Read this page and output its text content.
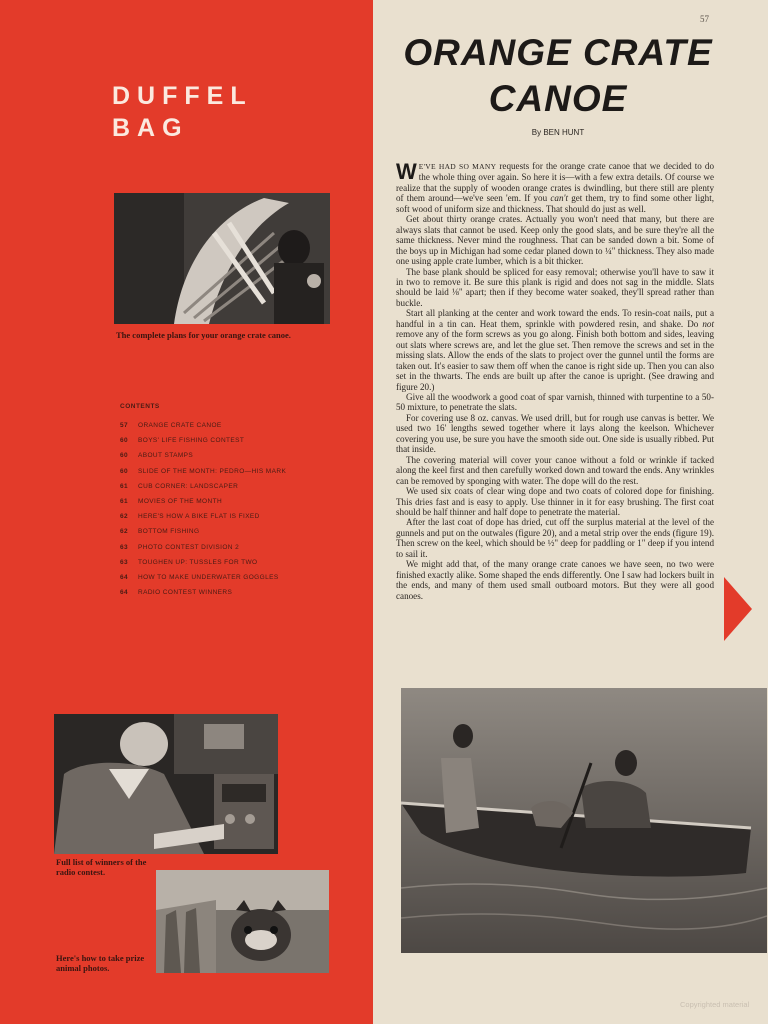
DUFFEL
BAG
The complete plans for your orange crate canoe.
CONTENTS
57 ORANGE CRATE CANOE
60 BOYS' LIFE FISHING CONTEST
60 ABOUT STAMPS
60 SLIDE OF THE MONTH: PEDRO—HIS MARK
61 CUB CORNER: LANDSCAPER
61 MOVIES OF THE MONTH
62 HERE'S HOW A BIKE FLAT IS FIXED
62 BOTTOM FISHING
63 PHOTO CONTEST DIVISION 2
63 TOUGHEN UP: TUSSLES FOR TWO
64 HOW TO MAKE UNDERWATER GOGGLES
64 RADIO CONTEST WINNERS
Full list of winners of the radio contest.
Here's how to take prize animal photos.
57
ORANGE CRATE
CANOE
By BEN HUNT

W E'VE HAD SO MANY requests for the orange crate canoe that we decided to do the whole thing over again. So here it is—with a few extra details. Of course we realize that the supply of wooden orange crates is dwindling, but there still are plenty of them around—we've seen 'em. If you can't get them, try to find some other light, soft wood of uniform size and thickness. That should do just as well.

Get about thirty orange crates. Actually you won't need that many, but there are always slats that cannot be used. Keep only the good slats, and be sure they're all the same thickness. Never mind the roughness. That can be sanded down a bit. Some of the boys up in Michigan had some cedar planed down to ¼" thickness. They also made one using apple crate lumber, which is a bit thicker.

The base plank should be spliced for easy removal; otherwise you'll have to saw it in two to remove it. Be sure this plank is rigid and does not sag in the middle. Slats should be laid ⅛" apart; then if they become water soaked, they'll spread rather than buckle.

Start all planking at the center and work toward the ends. To resin-coat nails, put a handful in a tin can. Heat them, sprinkle with powdered resin, and shake. Do not remove any of the form screws as you go along. Finish both bottom and sides, leaving out slats where screws are, and let the glue set. Then remove the screws and set in the missing slats. Allow the ends of the slats to project over the gunnel until the forms are taken out. It's easier to saw them off when the canoe is right side up. Then you can also set in the thwarts. The ends are built up after the canoe is upright. (See drawing and figure 20.)

Give all the woodwork a good coat of spar varnish, thinned with turpentine to a 50-50 mixture, to penetrate the slats.

For covering use 8 oz. canvas. We used drill, but for rough use canvas is better. We used two 16' lengths sewed together where it lays along the keelson. Whichever covering you use, be sure you have the smooth side out. One side is usually ribbed. Put that inside.

The covering material will cover your canoe without a fold or wrinkle if tacked along the keel first and then carefully worked down and toward the ends. Any wrinkles can be removed by sponging with water. The dope will do the rest.

We used six coats of clear wing dope and two coats of colored dope for finishing. This dries fast and is easy to apply. Use thinner in it for easy brushing. The first coat should be half thinner and half dope to penetrate the material.

After the last coat of dope has dried, cut off the surplus material at the level of the gunnels and put on the outwales (figure 20), and a metal strip over the ends (figure 19). Then screw on the keel, which should be ½" deep for paddling or 1" deep if you intend to sail it.

We might add that, of the many orange crate canoes we have seen, no two were finished exactly alike. Some shaped the ends differently. One I saw had lockers built in the ends, and many of them used small outboard motors. But they were all good canoes.

Copyrighted material
